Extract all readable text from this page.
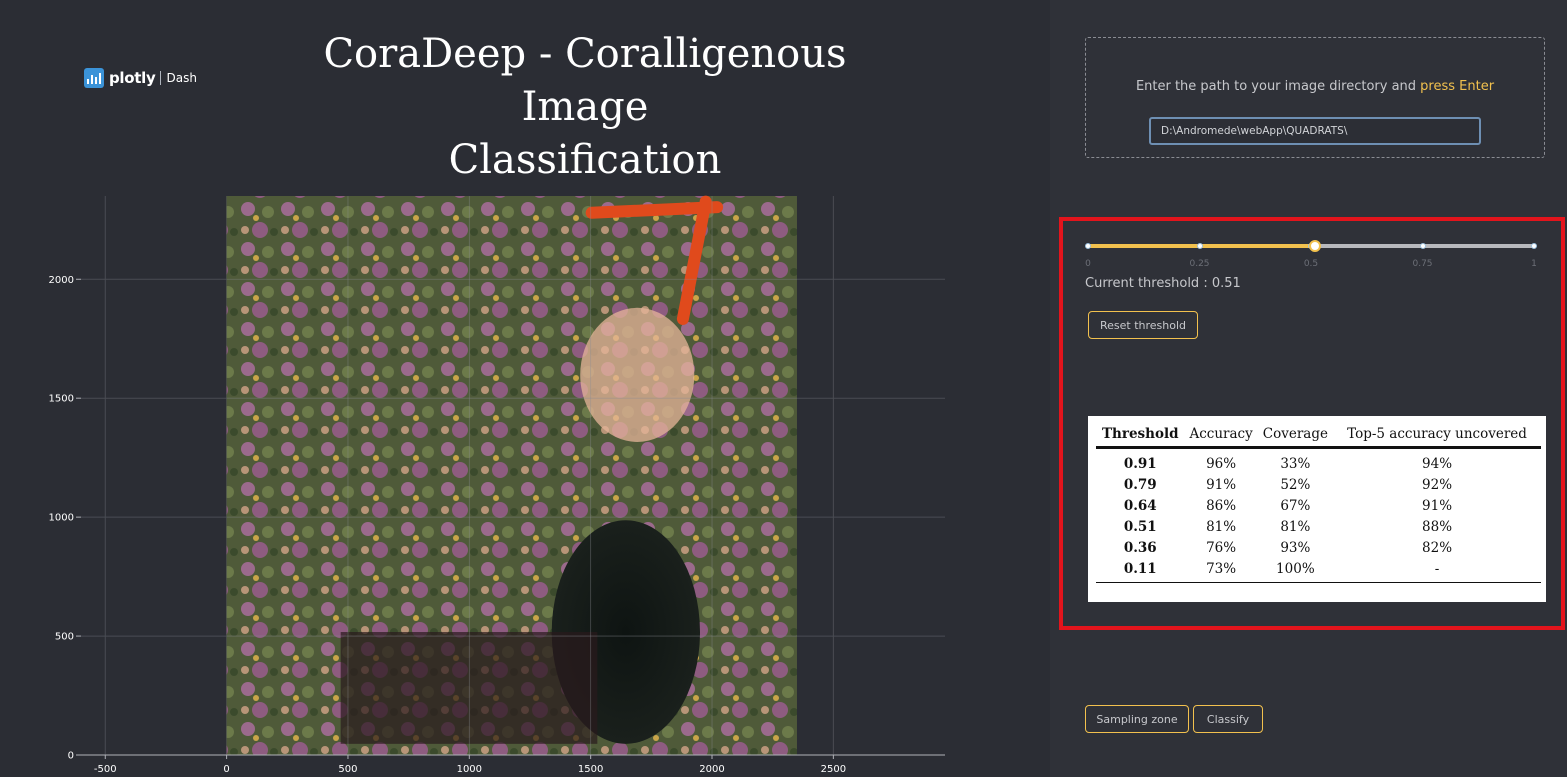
plotly Dash
CoraDeep - Coralligenous Image
Classification
-500	0	500	1000	1500	2000	2500
0
500
1000
1500
2000
Enter the path to your image directory and press Enter
D:\Andromede\webApp\QUADRATS\
0	0.25	0.5	0.75	1
Current threshold : 0.51
Reset threshold
Threshold	Accuracy	Coverage	Top-5 accuracy uncovered
0.91	96%	33%	94%
0.79	91%	52%	92%
0.64	86%	67%	91%
0.51	81%	81%	88%
0.36	76%	93%	82%
0.11	73%	100%	-
Sampling zone	Classify
